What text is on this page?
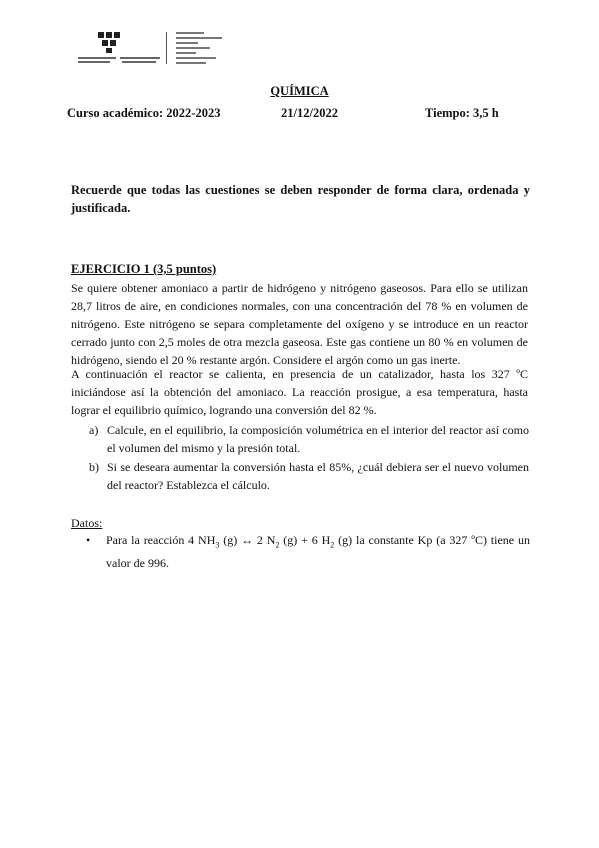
QUÍMICA
Curso académico: 2022-2023	21/12/2022	Tiempo: 3,5 h
Recuerde que todas las cuestiones se deben responder de forma clara, ordenada y justificada.
EJERCICIO 1 (3,5 puntos)
Se quiere obtener amoniaco a partir de hidrógeno y nitrógeno gaseosos. Para ello se utilizan 28,7 litros de aire, en condiciones normales, con una concentración del 78 % en volumen de nitrógeno. Este nitrógeno se separa completamente del oxígeno y se introduce en un reactor cerrado junto con 2,5 moles de otra mezcla gaseosa. Este gas contiene un 80 % en volumen de hidrógeno, siendo el 20 % restante argón. Considere el argón como un gas inerte.
A continuación el reactor se calienta, en presencia de un catalizador, hasta los 327 ºC iniciándose así la obtención del amoniaco. La reacción prosigue, a esa temperatura, hasta lograr el equilibrio químico, logrando una conversión del 82 %.
a) Calcule, en el equilibrio, la composición volumétrica en el interior del reactor así como el volumen del mismo y la presión total.
b) Si se deseara aumentar la conversión hasta el 85%, ¿cuál debiera ser el nuevo volumen del reactor? Establezca el cálculo.
Datos:
• Para la reacción 4 $NH_3$ (g) ↔ 2 $N_2$ (g) + 6 $H_2$ (g) la constante Kp (a 327 ºC) tiene un valor de 996.
